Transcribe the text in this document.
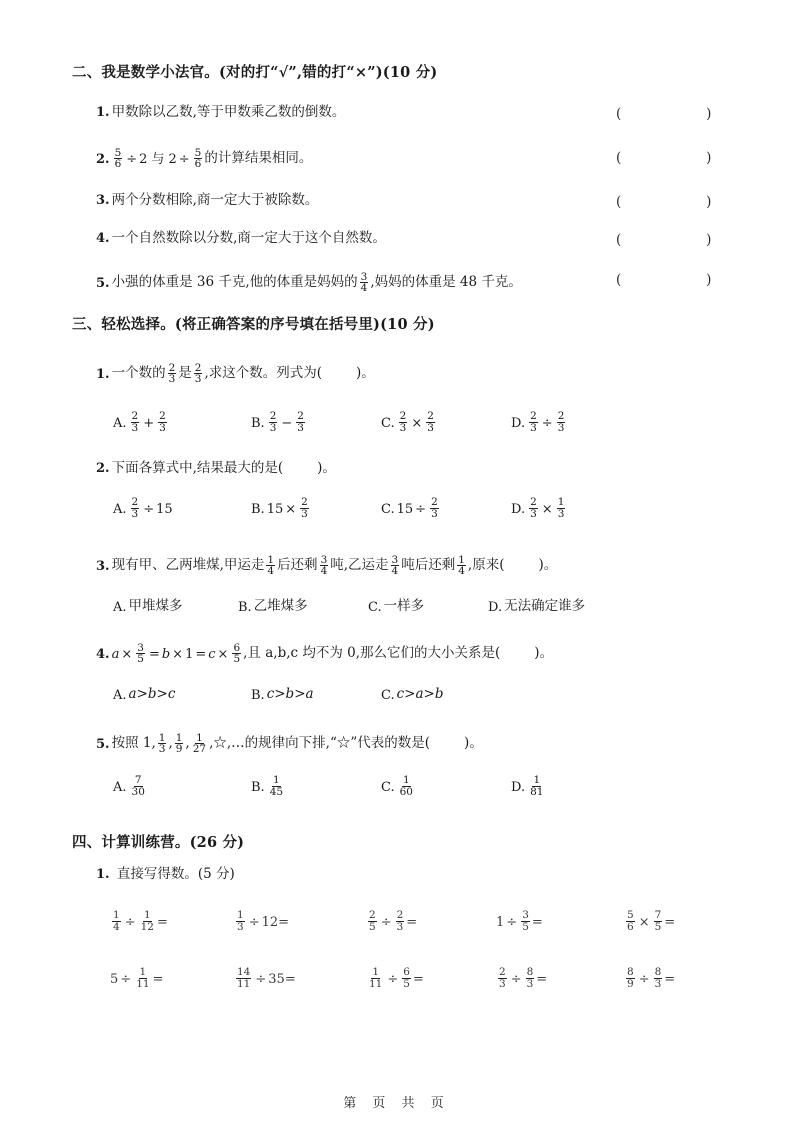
二、我是数学小法官。(对的打“√”,错的打“×”)(10 分)
1. 甲数除以乙数,等于甲数乘乙数的倒数。	(   )
2. $\frac{5}{6} \div 2$ 与 $2 \div \frac{5}{6}$ 的计算结果相同。	(   )
3. 两个分数相除,商一定大于被除数。	(   )
4. 一个自然数除以分数,商一定大于这个自然数。	(   )
5. 小强的体重是 36 千克,他的体重是妈妈的 $\frac{3}{4}$ ,妈妈的体重是 48 千克。	(   )
三、轻松选择。(将正确答案的序号填在括号里)(10 分)
1. 一个数的 $\frac{2}{3}$ 是 $\frac{2}{3}$ ,求这个数。列式为(	)。
A. $\frac{2}{3} + \frac{2}{3}$	B. $\frac{2}{3} - \frac{2}{3}$	C. $\frac{2}{3} \times \frac{2}{3}$	D. $\frac{2}{3} \div \frac{2}{3}$
2. 下面各算式中,结果最大的是(	)。
A. $\frac{2}{3} \div 15$	B. $15 \times \frac{2}{3}$	C. $15 \div \frac{2}{3}$	D. $\frac{2}{3} \times \frac{1}{3}$
3. 现有甲、乙两堆煤,甲运走 $\frac{1}{4}$ 后还剩 $\frac{3}{4}$ 吨,乙运走 $\frac{3}{4}$ 吨后还剩 $\frac{1}{4}$ ,原来(	)。
A. 甲堆煤多	B. 乙堆煤多	C. 一样多	D. 无法确定谁多
4. $a \times \frac{3}{5} = b \times 1 = c \times \frac{6}{5}$ ,且 a,b,c 均不为 0,那么它们的大小关系是(	)。
A. a>b>c	B. c>b>a	C. c>a>b
5. 按照 1, $\frac{1}{3}$ , $\frac{1}{9}$ , $\frac{1}{27}$ ,☆,…的规律向下排,“☆”代表的数是(	)。
A. $\frac{7}{30}$	B. $\frac{1}{45}$	C. $\frac{1}{60}$	D. $\frac{1}{81}$
四、计算训练营。(26 分)
1. 直接写得数。(5 分)
$\frac{1}{4} \div \frac{1}{12}$ =	$\frac{1}{3} \div 12$ =	$\frac{2}{5} \div \frac{2}{3}$ =	$1 \div \frac{3}{5}$ =	$\frac{5}{6} \times \frac{7}{5}$ =
$5 \div \frac{1}{11}$ =	$\frac{14}{11} \div 35$ =	$\frac{1}{11} \div \frac{6}{5}$ =	$\frac{2}{3} \div \frac{8}{3}$ =	$\frac{8}{9} \div \frac{8}{3}$ =
第 页 共 页
